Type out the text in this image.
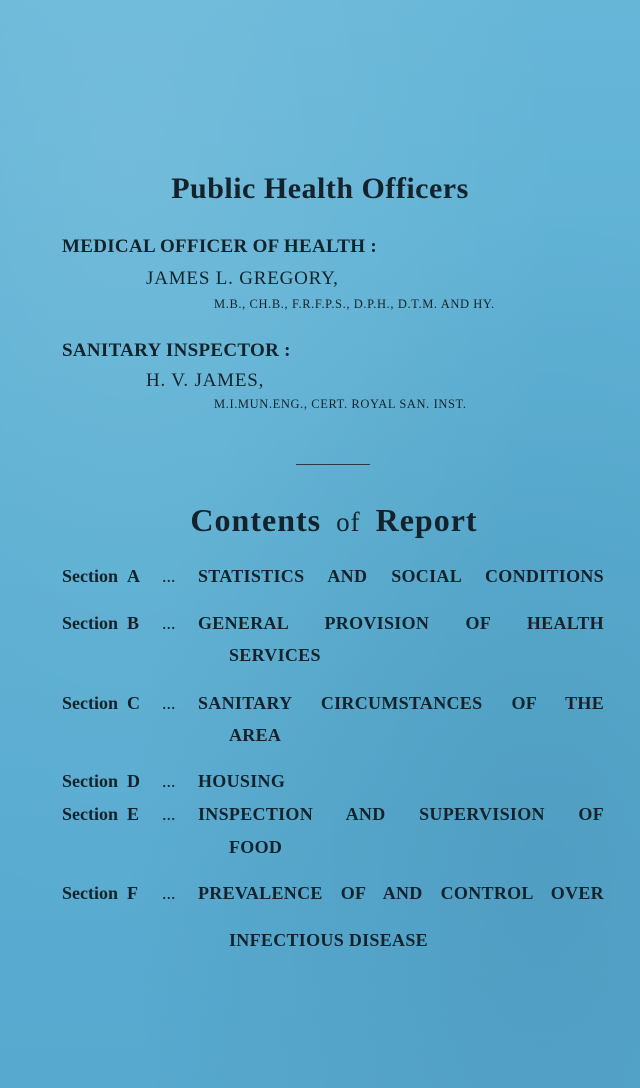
Public Health Officers
MEDICAL OFFICER OF HEALTH :
JAMES L. GREGORY,
M.B., CH.B., F.R.F.P.S., D.P.H., D.T.M. AND HY.
SANITARY INSPECTOR :
H. V. JAMES,
M.I.MUN.ENG., CERT. ROYAL SAN. INST.
Contents of Report
Section A ... STATISTICS AND SOCIAL CONDITIONS
Section B ... GENERAL PROVISION OF HEALTH
SERVICES
Section C ... SANITARY CIRCUMSTANCES OF THE
AREA
Section D ... HOUSING
Section E ... INSPECTION AND SUPERVISION OF
FOOD
Section F ... PREVALENCE OF AND CONTROL OVER
INFECTIOUS DISEASE
